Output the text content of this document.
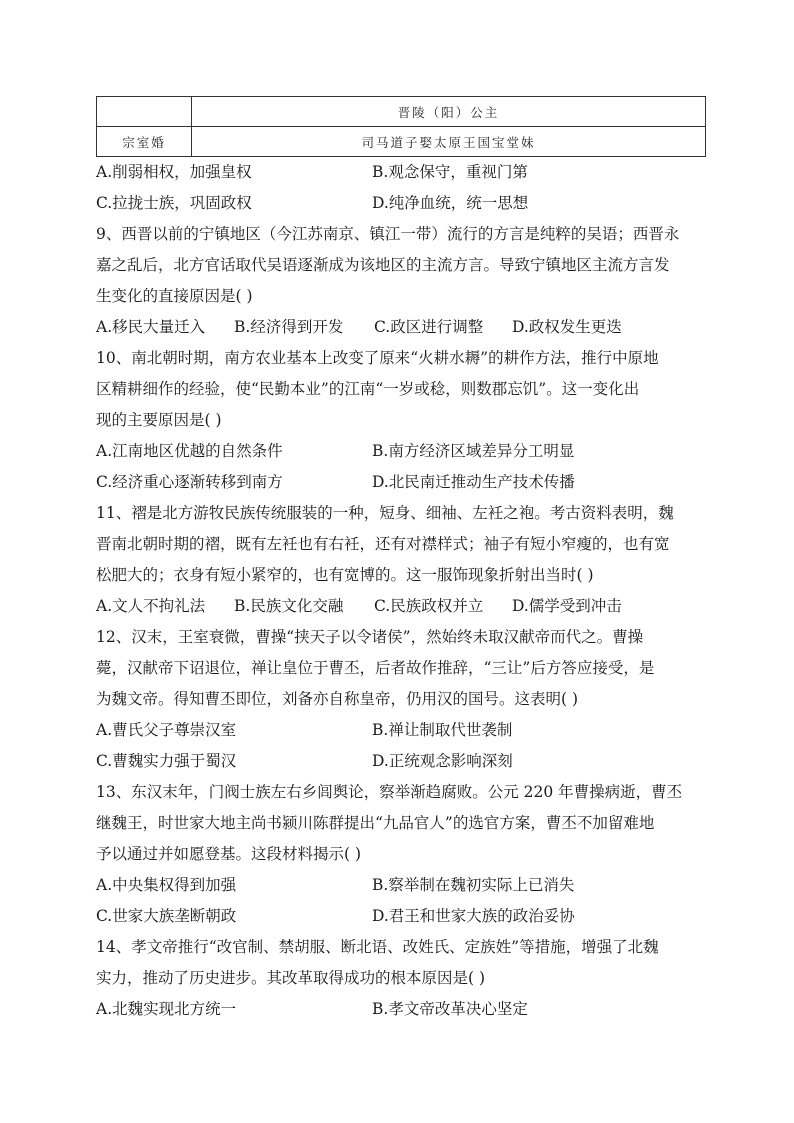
	晋陵（阳）公主
宗室婚	司马道子娶太原王国宝堂妹
A.削弱相权，加强皇权	B.观念保守，重视门第
C.拉拢士族，巩固政权	D.纯净血统，统一思想
9、西晋以前的宁镇地区（今江苏南京、镇江一带）流行的方言是纯粹的吴语；西晋永
嘉之乱后，北方官话取代吴语逐渐成为该地区的主流方言。导致宁镇地区主流方言发
生变化的直接原因是( )
A.移民大量迁入 B.经济得到开发 C.政区进行调整 D.政权发生更迭
10、南北朝时期，南方农业基本上改变了原来“火耕水耨”的耕作方法，推行中原地
区精耕细作的经验，使“民勤本业”的江南“一岁或稔，则数郡忘饥”。这一变化出
现的主要原因是( )
A.江南地区优越的自然条件	B.南方经济区域差异分工明显
C.经济重心逐渐转移到南方	D.北民南迁推动生产技术传播
11、褶是北方游牧民族传统服装的一种，短身、细袖、左衽之袍。考古资料表明，魏
晋南北朝时期的褶，既有左衽也有右衽，还有对襟样式；袖子有短小窄瘦的，也有宽
松肥大的；衣身有短小紧窄的，也有宽博的。这一服饰现象折射出当时( )
A.文人不拘礼法 B.民族文化交融 C.民族政权并立 D.儒学受到冲击
12、汉末，王室衰微，曹操“挟天子以令诸侯”，然始终未取汉献帝而代之。曹操
薨，汉献帝下诏退位，禅让皇位于曹丕，后者故作推辞，“三让”后方答应接受，是
为魏文帝。得知曹丕即位，刘备亦自称皇帝，仍用汉的国号。这表明( )
A.曹氏父子尊崇汉室	B.禅让制取代世袭制
C.曹魏实力强于蜀汉	D.正统观念影响深刻
13、东汉末年，门阀士族左右乡闾舆论，察举渐趋腐败。公元 220 年曹操病逝，曹丕
继魏王，时世家大地主尚书颍川陈群提出“九品官人”的选官方案，曹丕不加留难地
予以通过并如愿登基。这段材料揭示( )
A.中央集权得到加强	B.察举制在魏初实际上已消失
C.世家大族垄断朝政	D.君王和世家大族的政治妥协
14、孝文帝推行“改官制、禁胡服、断北语、改姓氏、定族姓”等措施，增强了北魏
实力，推动了历史进步。其改革取得成功的根本原因是( )
A.北魏实现北方统一	B.孝文帝改革决心坚定
